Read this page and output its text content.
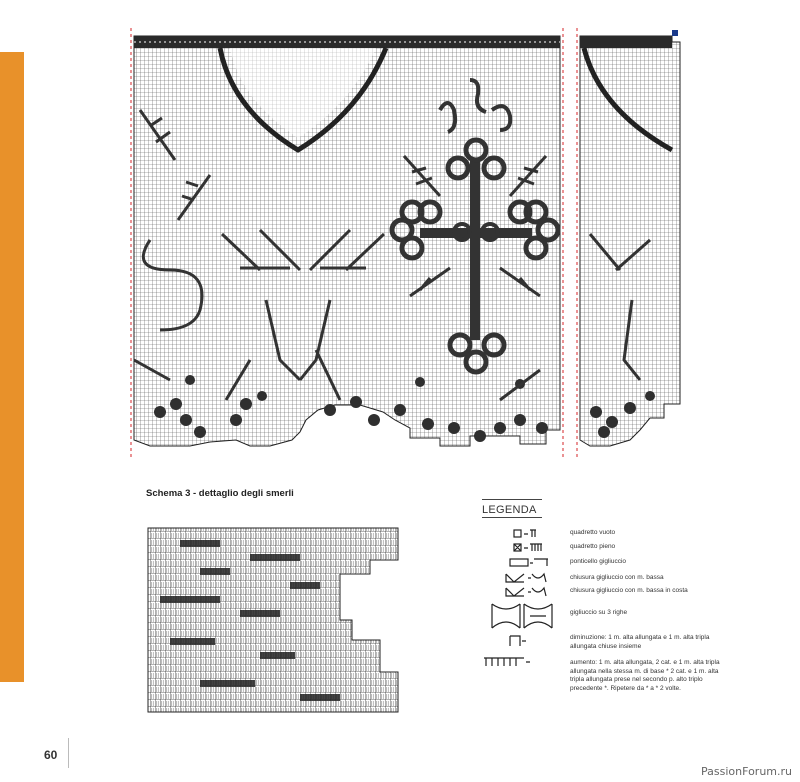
Schema 3 - dettaglio degli smerli
LEGENDA
quadretto vuoto
quadretto pieno
ponticello gigliuccio
chiusura gigliuccio con m. bassa
chiusura gigliuccio con m. bassa in costa
gigliuccio su 3 righe
diminuzione: 1 m. alta allungata e 1 m. alta tripla allungata chiuse insieme
aumento: 1 m. alta allungata, 2 cat. e 1 m. alta tripla allungata nella stessa m. di base * 2 cat. e 1 m. alta tripla allungata prese nel secondo p. alto triplo precedente *. Ripetere da * a * 2 volte.
60
PassionForum.ru
